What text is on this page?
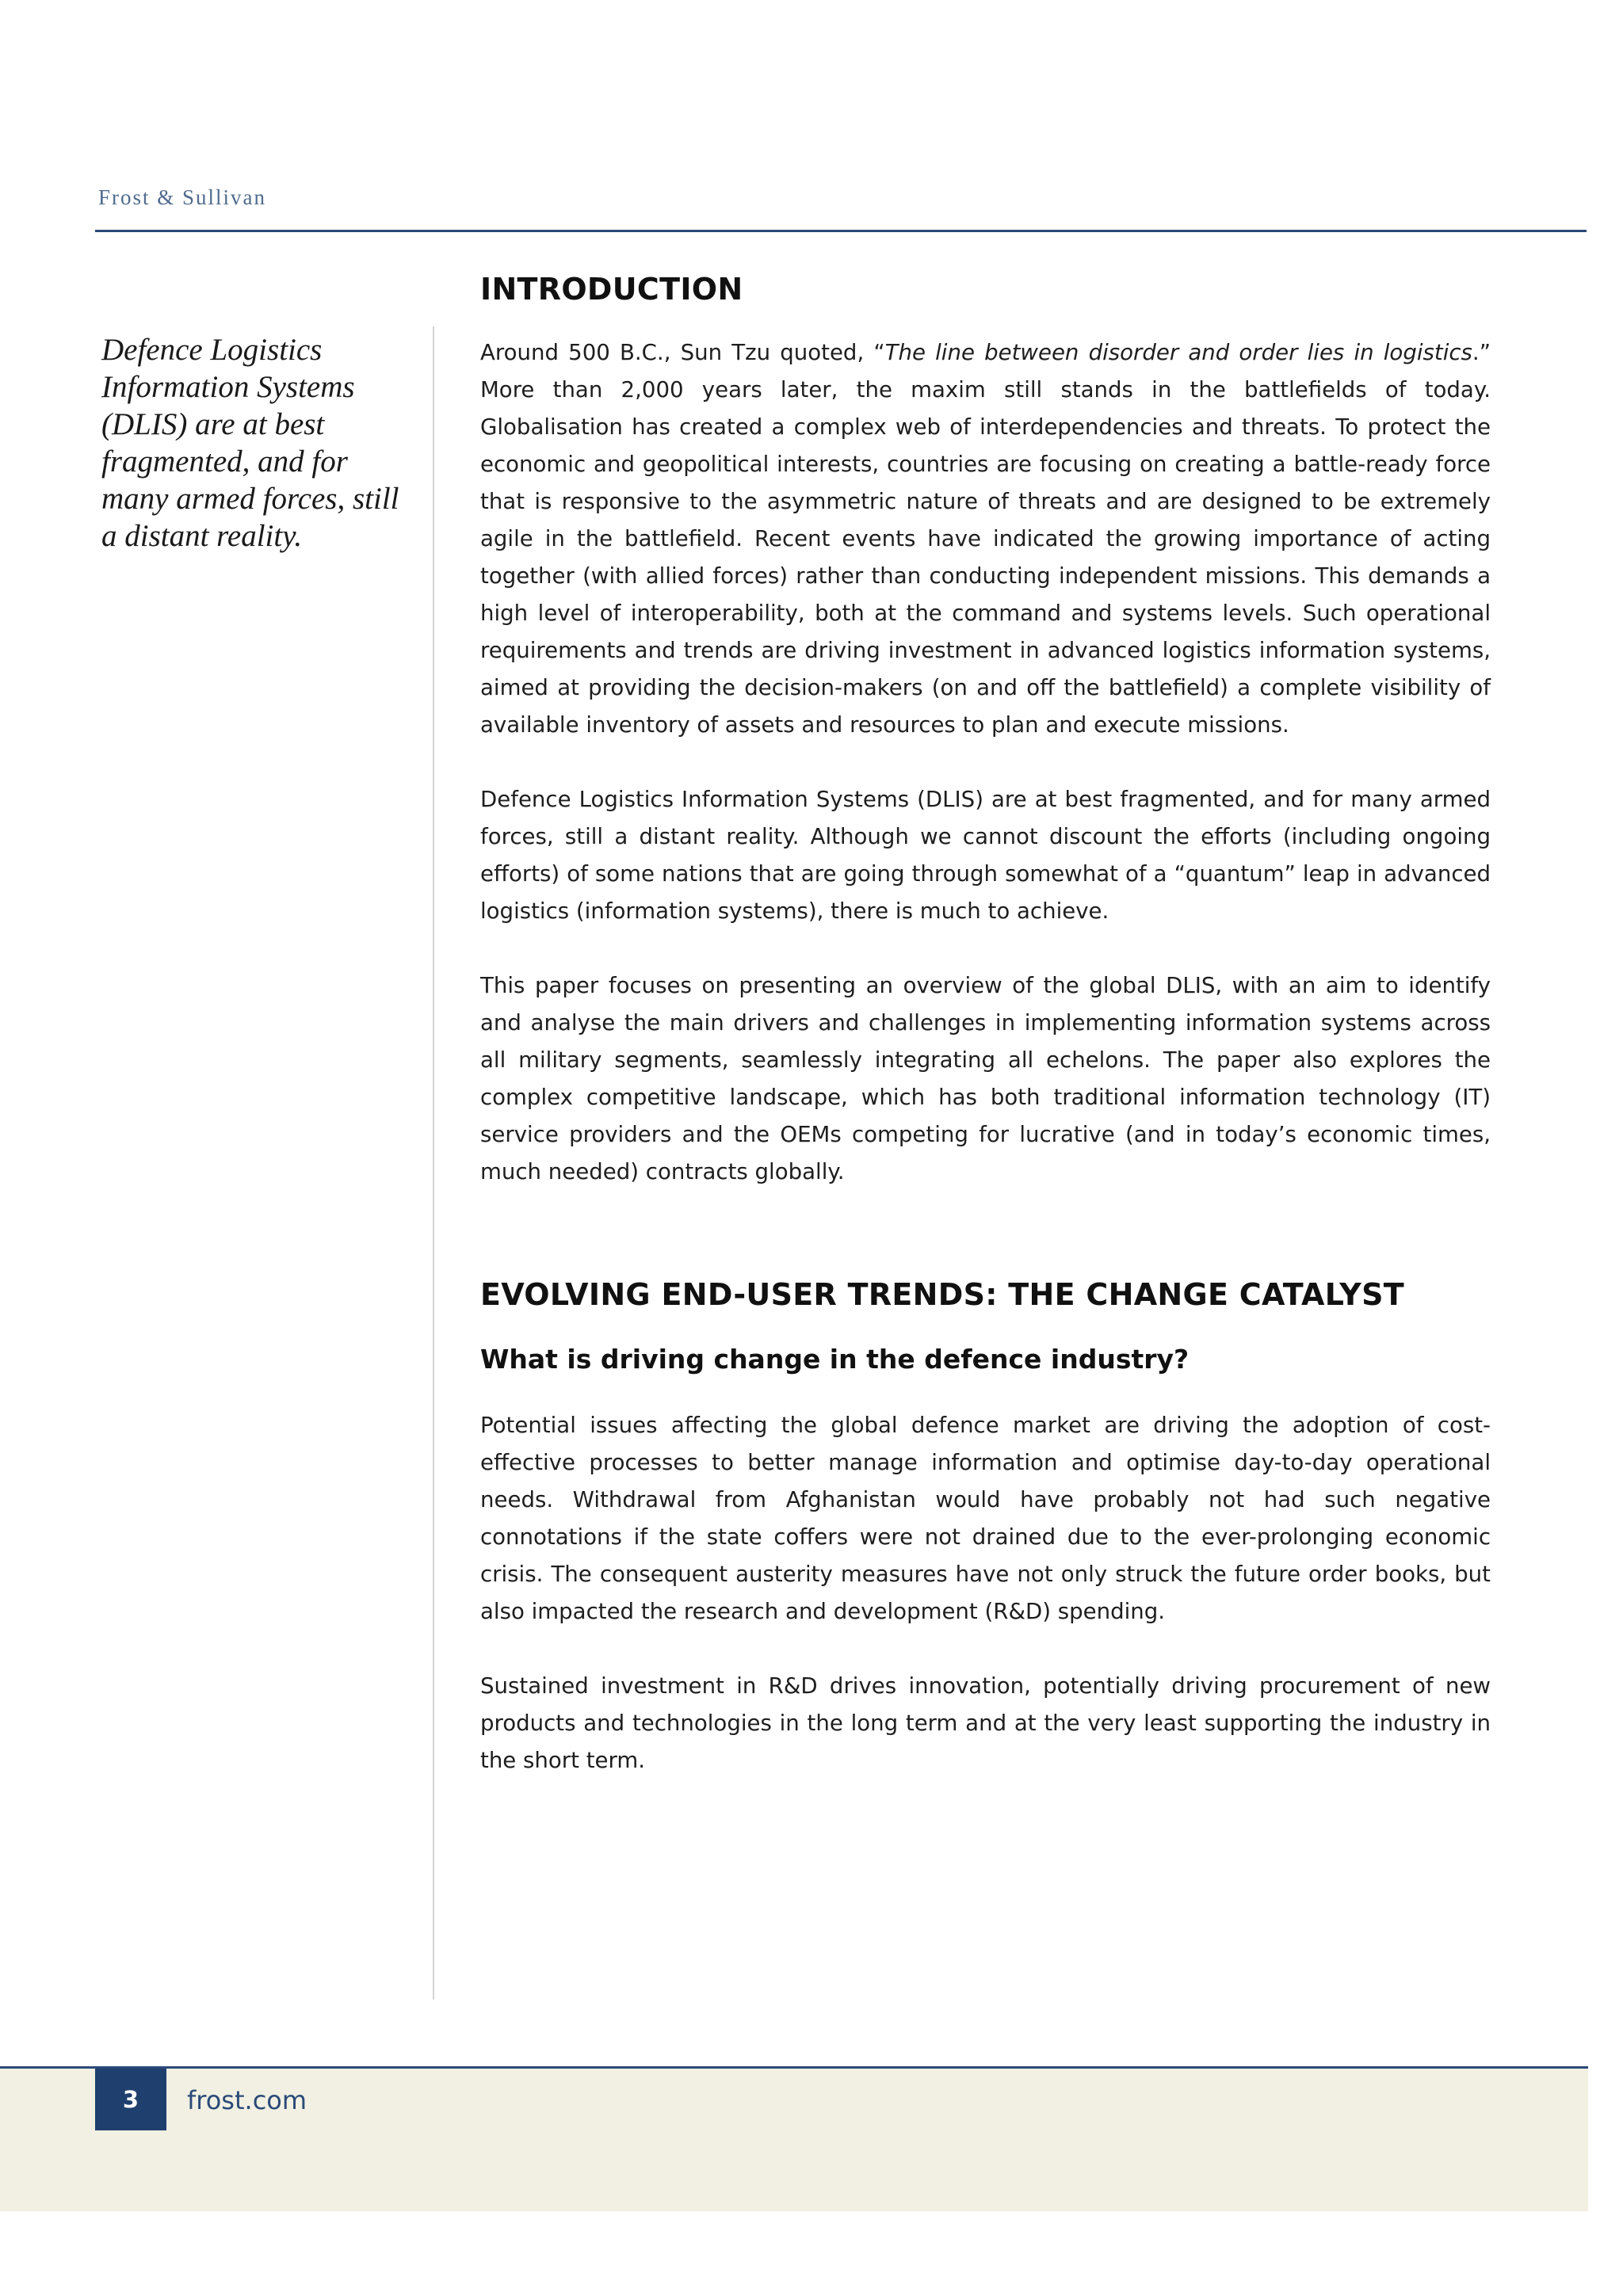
Frost & Sullivan
Defence Logistics Information Systems (DLIS) are at best fragmented, and for many armed forces, still a distant reality.
INTRODUCTION

Around 500 B.C., Sun Tzu quoted, “The line between disorder and order lies in logistics.” More than 2,000 years later, the maxim still stands in the battlefields of today. Globalisation has created a complex web of interdependencies and threats. To protect the economic and geopolitical interests, countries are focusing on creating a battle-ready force that is responsive to the asymmetric nature of threats and are designed to be extremely agile in the battlefield. Recent events have indicated the growing importance of acting together (with allied forces) rather than conducting independent missions. This demands a high level of interoperability, both at the command and systems levels. Such operational requirements and trends are driving investment in advanced logistics information systems, aimed at providing the decision-makers (on and off the battlefield) a complete visibility of available inventory of assets and resources to plan and execute missions.

Defence Logistics Information Systems (DLIS) are at best fragmented, and for many armed forces, still a distant reality. Although we cannot discount the efforts (including ongoing efforts) of some nations that are going through somewhat of a “quantum” leap in advanced logistics (information systems), there is much to achieve.

This paper focuses on presenting an overview of the global DLIS, with an aim to identify and analyse the main drivers and challenges in implementing information systems across all military segments, seamlessly integrating all echelons. The paper also explores the complex competitive landscape, which has both traditional information technology (IT) service providers and the OEMs competing for lucrative (and in today’s economic times, much needed) contracts globally.

EVOLVING END-USER TRENDS: THE CHANGE CATALYST
What is driving change in the defence industry?

Potential issues affecting the global defence market are driving the adoption of cost-effective processes to better manage information and optimise day-to-day operational needs. Withdrawal from Afghanistan would have probably not had such negative connotations if the state coffers were not drained due to the ever-prolonging economic crisis. The consequent austerity measures have not only struck the future order books, but also impacted the research and development (R&D) spending.

Sustained investment in R&D drives innovation, potentially driving procurement of new products and technologies in the long term and at the very least supporting the industry in the short term.

3	frost.com
